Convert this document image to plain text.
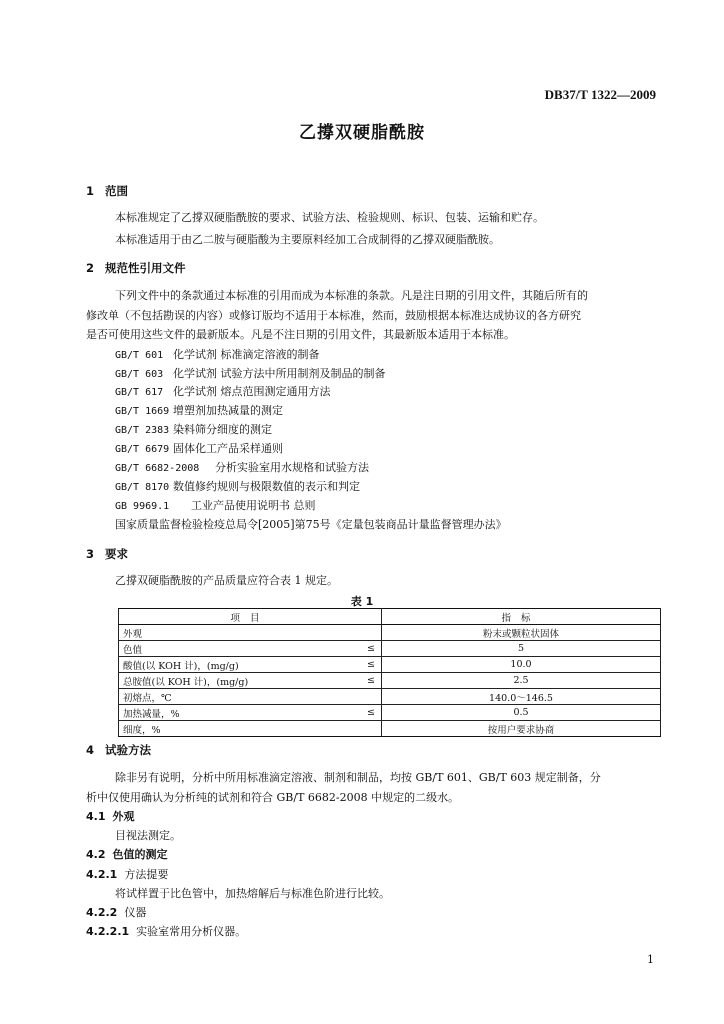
DB37/T 1322—2009
乙撐双硬脂酰胺
1 范围
本标准规定了乙撐双硬脂酰胺的要求、试验方法、检验规则、标识、包装、运输和贮存。
本标准适用于由乙二胺与硬脂酸为主要原料经加工合成制得的乙撐双硬脂酰胺。
2 规范性引用文件
下列文件中的条款通过本标准的引用而成为本标准的条款。凡是注日期的引用文件，其随后所有的
修改单（不包括勘误的内容）或修订版均不适用于本标准，然而，鼓励根据本标准达成协议的各方研究
是否可使用这些文件的最新版本。凡是不注日期的引用文件，其最新版本适用于本标准。
GB/T 601 化学试剂 标准滴定溶液的制备
GB/T 603 化学试剂 试验方法中所用制剂及制品的制备
GB/T 617 化学试剂 熔点范围测定通用方法
GB/T 1669 增塑剂加热减量的测定
GB/T 2383 染料筛分细度的测定
GB/T 6679 固体化工产品采样通则
GB/T 6682-2008 分析实验室用水规格和试验方法
GB/T 8170 数值修约规则与极限数值的表示和判定
GB 9969.1 工业产品使用说明书 总则
国家质量监督检验检疫总局令[2005]第75号《定量包装商品计量监督管理办法》
3 要求
乙撐双硬脂酰胺的产品质量应符合表 1 规定。
表 1
项目		指标
外观		粉末或颗粒状固体
色值	≤	5
酸值(以 KOH 计)，(mg/g)	≤	10.0
总胺值(以 KOH 计)，(mg/g)	≤	2.5
初熔点，℃		140.0～146.5
加热减量，%	≤	0.5
细度，%		按用户要求协商
4 试验方法
除非另有说明，分析中所用标准滴定溶液、制剂和制品，均按 GB/T 601、GB/T 603 规定制备，分
析中仅使用确认为分析纯的试剂和符合 GB/T 6682-2008 中规定的二级水。
4.1 外观
目视法测定。
4.2 色值的测定
4.2.1 方法提要
将试样置于比色管中，加热熔解后与标准色阶进行比较。
4.2.2 仪器
4.2.2.1 实验室常用分析仪器。
1
